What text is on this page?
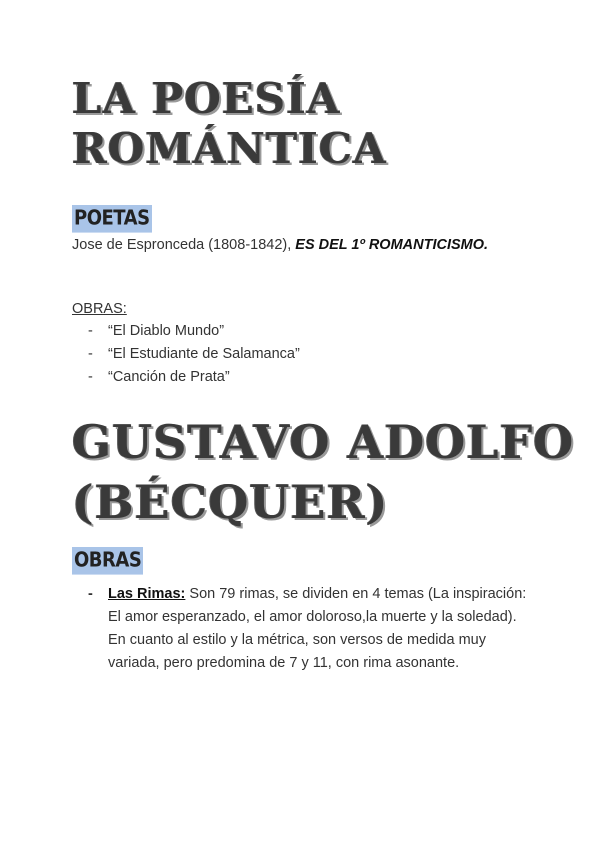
LA POESÍA
ROMÁNTICA
POETAS
Jose de Espronceda (1808-1842), ES DEL 1º ROMANTICISMO.
OBRAS:
-	“El Diablo Mundo”
-	“El Estudiante de Salamanca”
-	“Canción de Prata”
GUSTAVO ADOLFO
(BÉCQUER)
OBRAS
-	Las Rimas: Son 79 rimas, se dividen en 4 temas (La inspiración: El amor esperanzado, el amor doloroso,la muerte y la soledad).
En cuanto al estilo y la métrica, son versos de medida muy variada, pero predomina de 7 y 11, con rima asonante.
